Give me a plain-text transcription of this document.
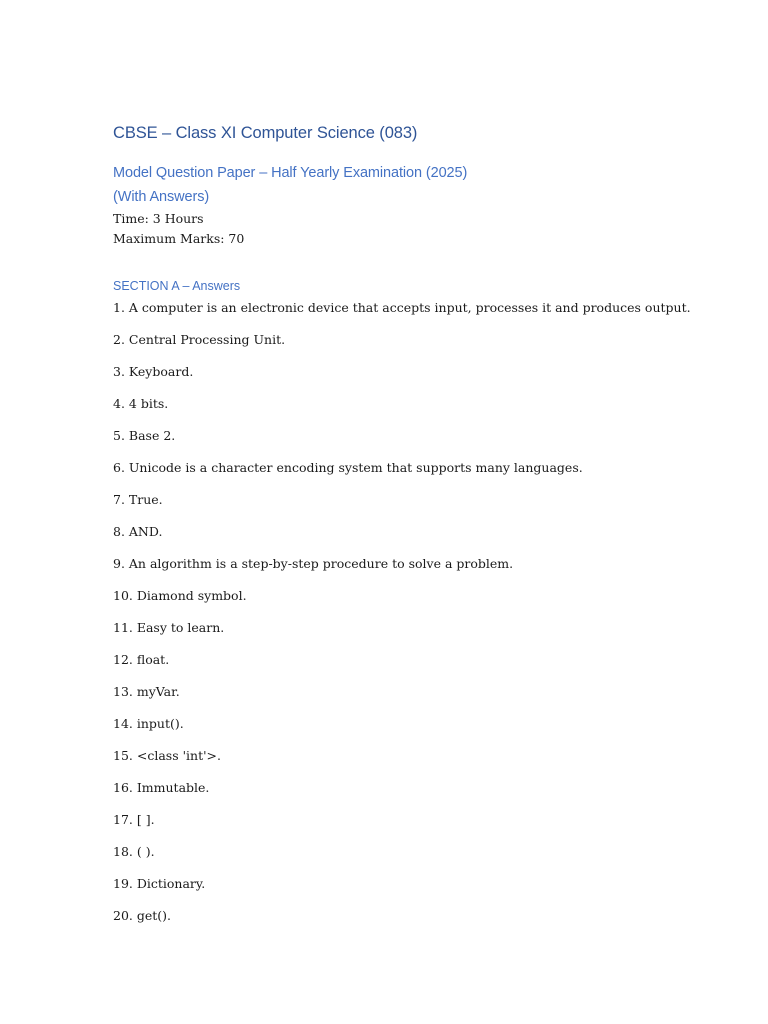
CBSE – Class XI Computer Science (083)
Model Question Paper – Half Yearly Examination (2025)
(With Answers)
Time: 3 Hours
Maximum Marks: 70
SECTION A – Answers
1. A computer is an electronic device that accepts input, processes it and produces output.
2. Central Processing Unit.
3. Keyboard.
4. 4 bits.
5. Base 2.
6. Unicode is a character encoding system that supports many languages.
7. True.
8. AND.
9. An algorithm is a step-by-step procedure to solve a problem.
10. Diamond symbol.
11. Easy to learn.
12. float.
13. myVar.
14. input().
15. <class 'int'>.
16. Immutable.
17. [ ].
18. ( ).
19. Dictionary.
20. get().
